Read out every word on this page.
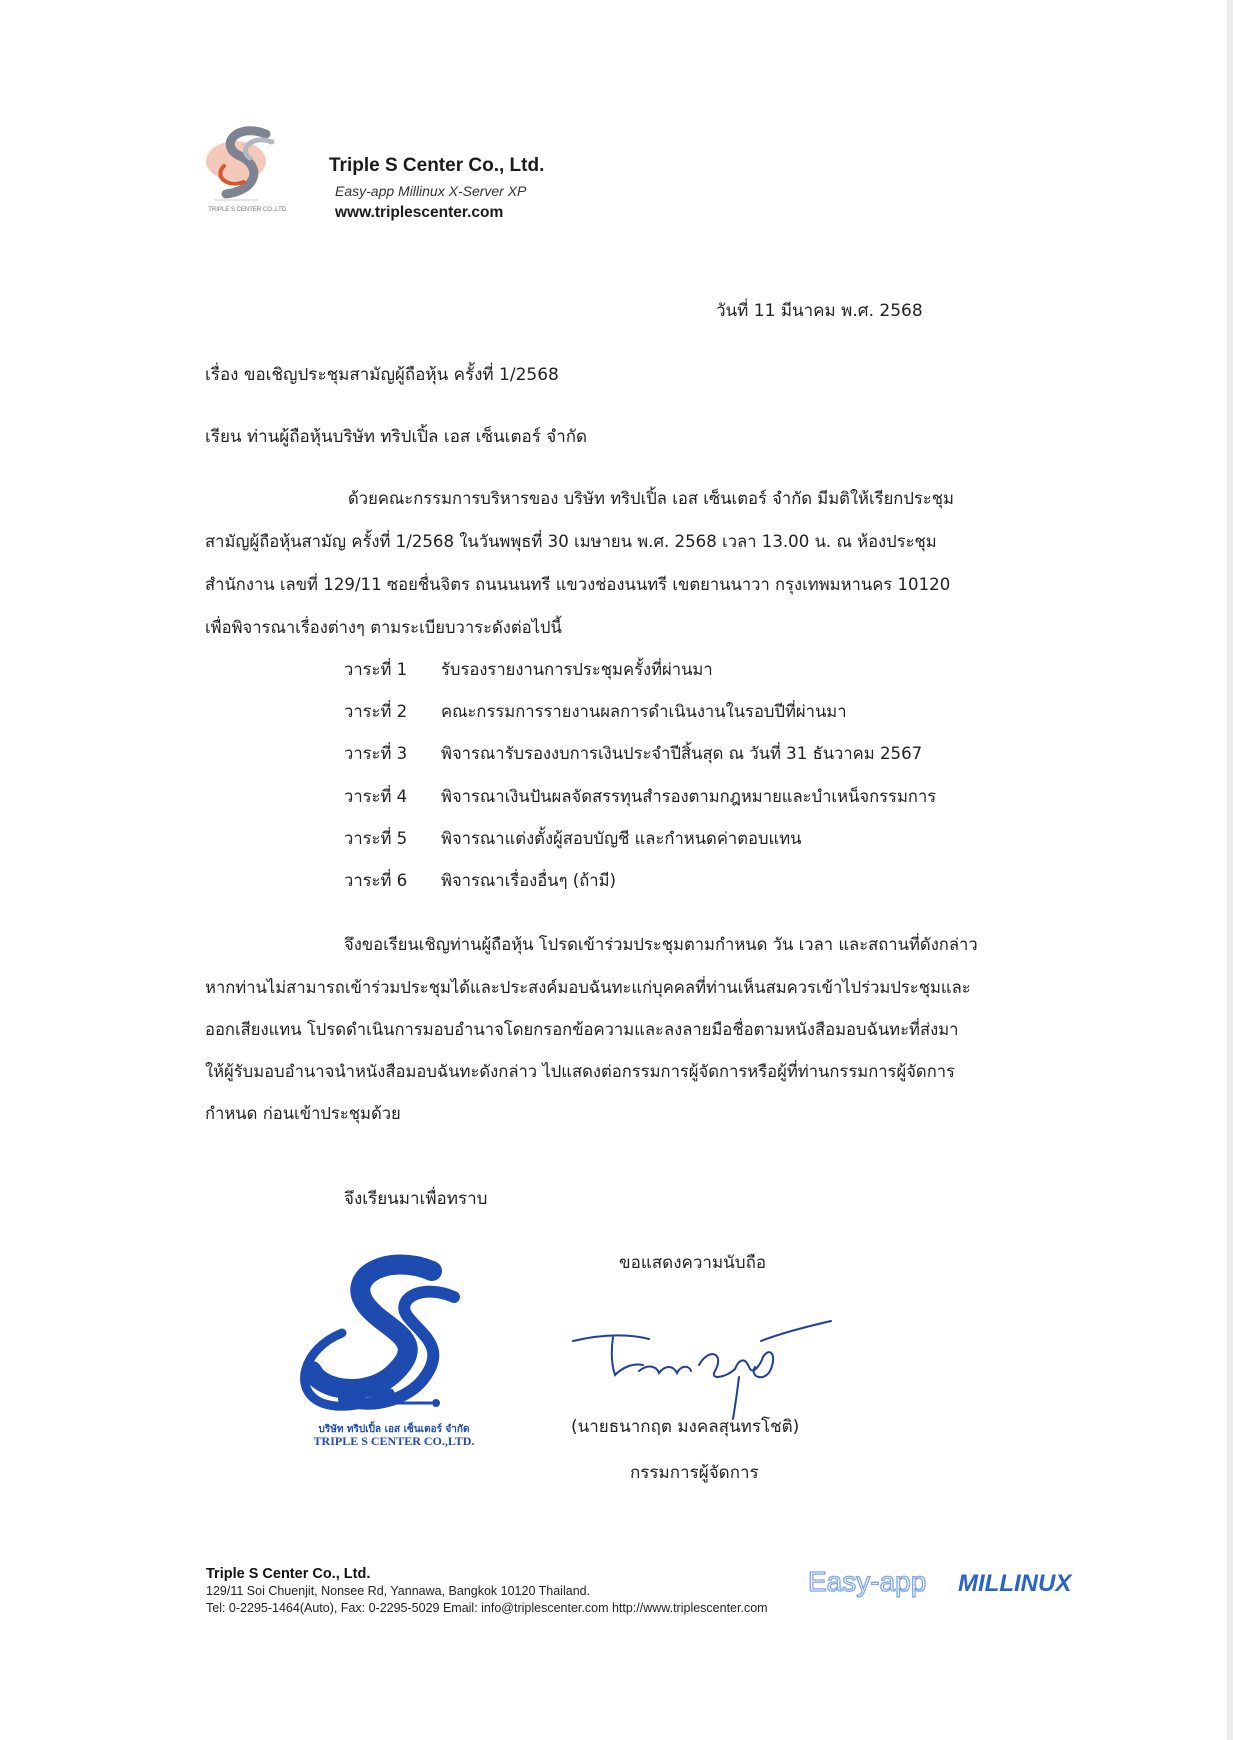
TRIPLE S CENTER CO.,LTD.
Triple S Center Co., Ltd.
Easy-app Millinux X-Server XP
www.triplescenter.com
วันที่ 11 มีนาคม พ.ศ. 2568
เรื่อง ขอเชิญประชุมสามัญผู้ถือหุ้น ครั้งที่ 1/2568
เรียน ท่านผู้ถือหุ้นบริษัท ทริปเปิ้ล เอส เซ็นเตอร์ จำกัด
ด้วยคณะกรรมการบริหารของ บริษัท ทริปเปิ้ล เอส เซ็นเตอร์ จำกัด มีมติให้เรียกประชุม
สามัญผู้ถือหุ้นสามัญ ครั้งที่ 1/2568 ในวันพพุธที่ 30 เมษายน พ.ศ. 2568 เวลา 13.00 น. ณ ห้องประชุม
สำนักงาน เลขที่ 129/11 ซอยชื่นจิตร ถนนนนทรี แขวงช่องนนทรี เขตยานนาวา กรุงเทพมหานคร 10120
เพื่อพิจารณาเรื่องต่างๆ ตามระเบียบวาระดังต่อไปนี้
วาระที่ 1 รับรองรายงานการประชุมครั้งที่ผ่านมา
วาระที่ 2 คณะกรรมการรายงานผลการดำเนินงานในรอบปีที่ผ่านมา
วาระที่ 3 พิจารณารับรองงบการเงินประจำปีสิ้นสุด ณ วันที่ 31 ธันวาคม 2567
วาระที่ 4 พิจารณาเงินปันผลจัดสรรทุนสำรองตามกฎหมายและบำเหน็จกรรมการ
วาระที่ 5 พิจารณาแต่งตั้งผู้สอบบัญชี และกำหนดค่าตอบแทน
วาระที่ 6 พิจารณาเรื่องอื่นๆ (ถ้ามี)
จึงขอเรียนเชิญท่านผู้ถือหุ้น โปรดเข้าร่วมประชุมตามกำหนด วัน เวลา และสถานที่ดังกล่าว
หากท่านไม่สามารถเข้าร่วมประชุมได้และประสงค์มอบฉันทะแก่บุคคลที่ท่านเห็นสมควรเข้าไปร่วมประชุมและ
ออกเสียงแทน โปรดดำเนินการมอบอำนาจโดยกรอกข้อความและลงลายมือชื่อตามหนังสือมอบฉันทะที่ส่งมา
ให้ผู้รับมอบอำนาจนำหนังสือมอบฉันทะดังกล่าว ไปแสดงต่อกรรมการผู้จัดการหรือผู้ที่ท่านกรรมการผู้จัดการ
กำหนด ก่อนเข้าประชุมด้วย
จึงเรียนมาเพื่อทราบ
ขอแสดงความนับถือ
บริษัท ทริปเปิ้ล เอส เซ็นเตอร์ จำกัด
TRIPLE S CENTER CO.,LTD.
(นายธนากฤต มงคลสุนทรโชติ)
กรรมการผู้จัดการ
Triple S Center Co., Ltd.
129/11 Soi Chuenjit, Nonsee Rd, Yannawa, Bangkok 10120 Thailand.
Tel: 0-2295-1464(Auto), Fax: 0-2295-5029 Email: info@triplescenter.com http://www.triplescenter.com
Easy-app MILLINUX
